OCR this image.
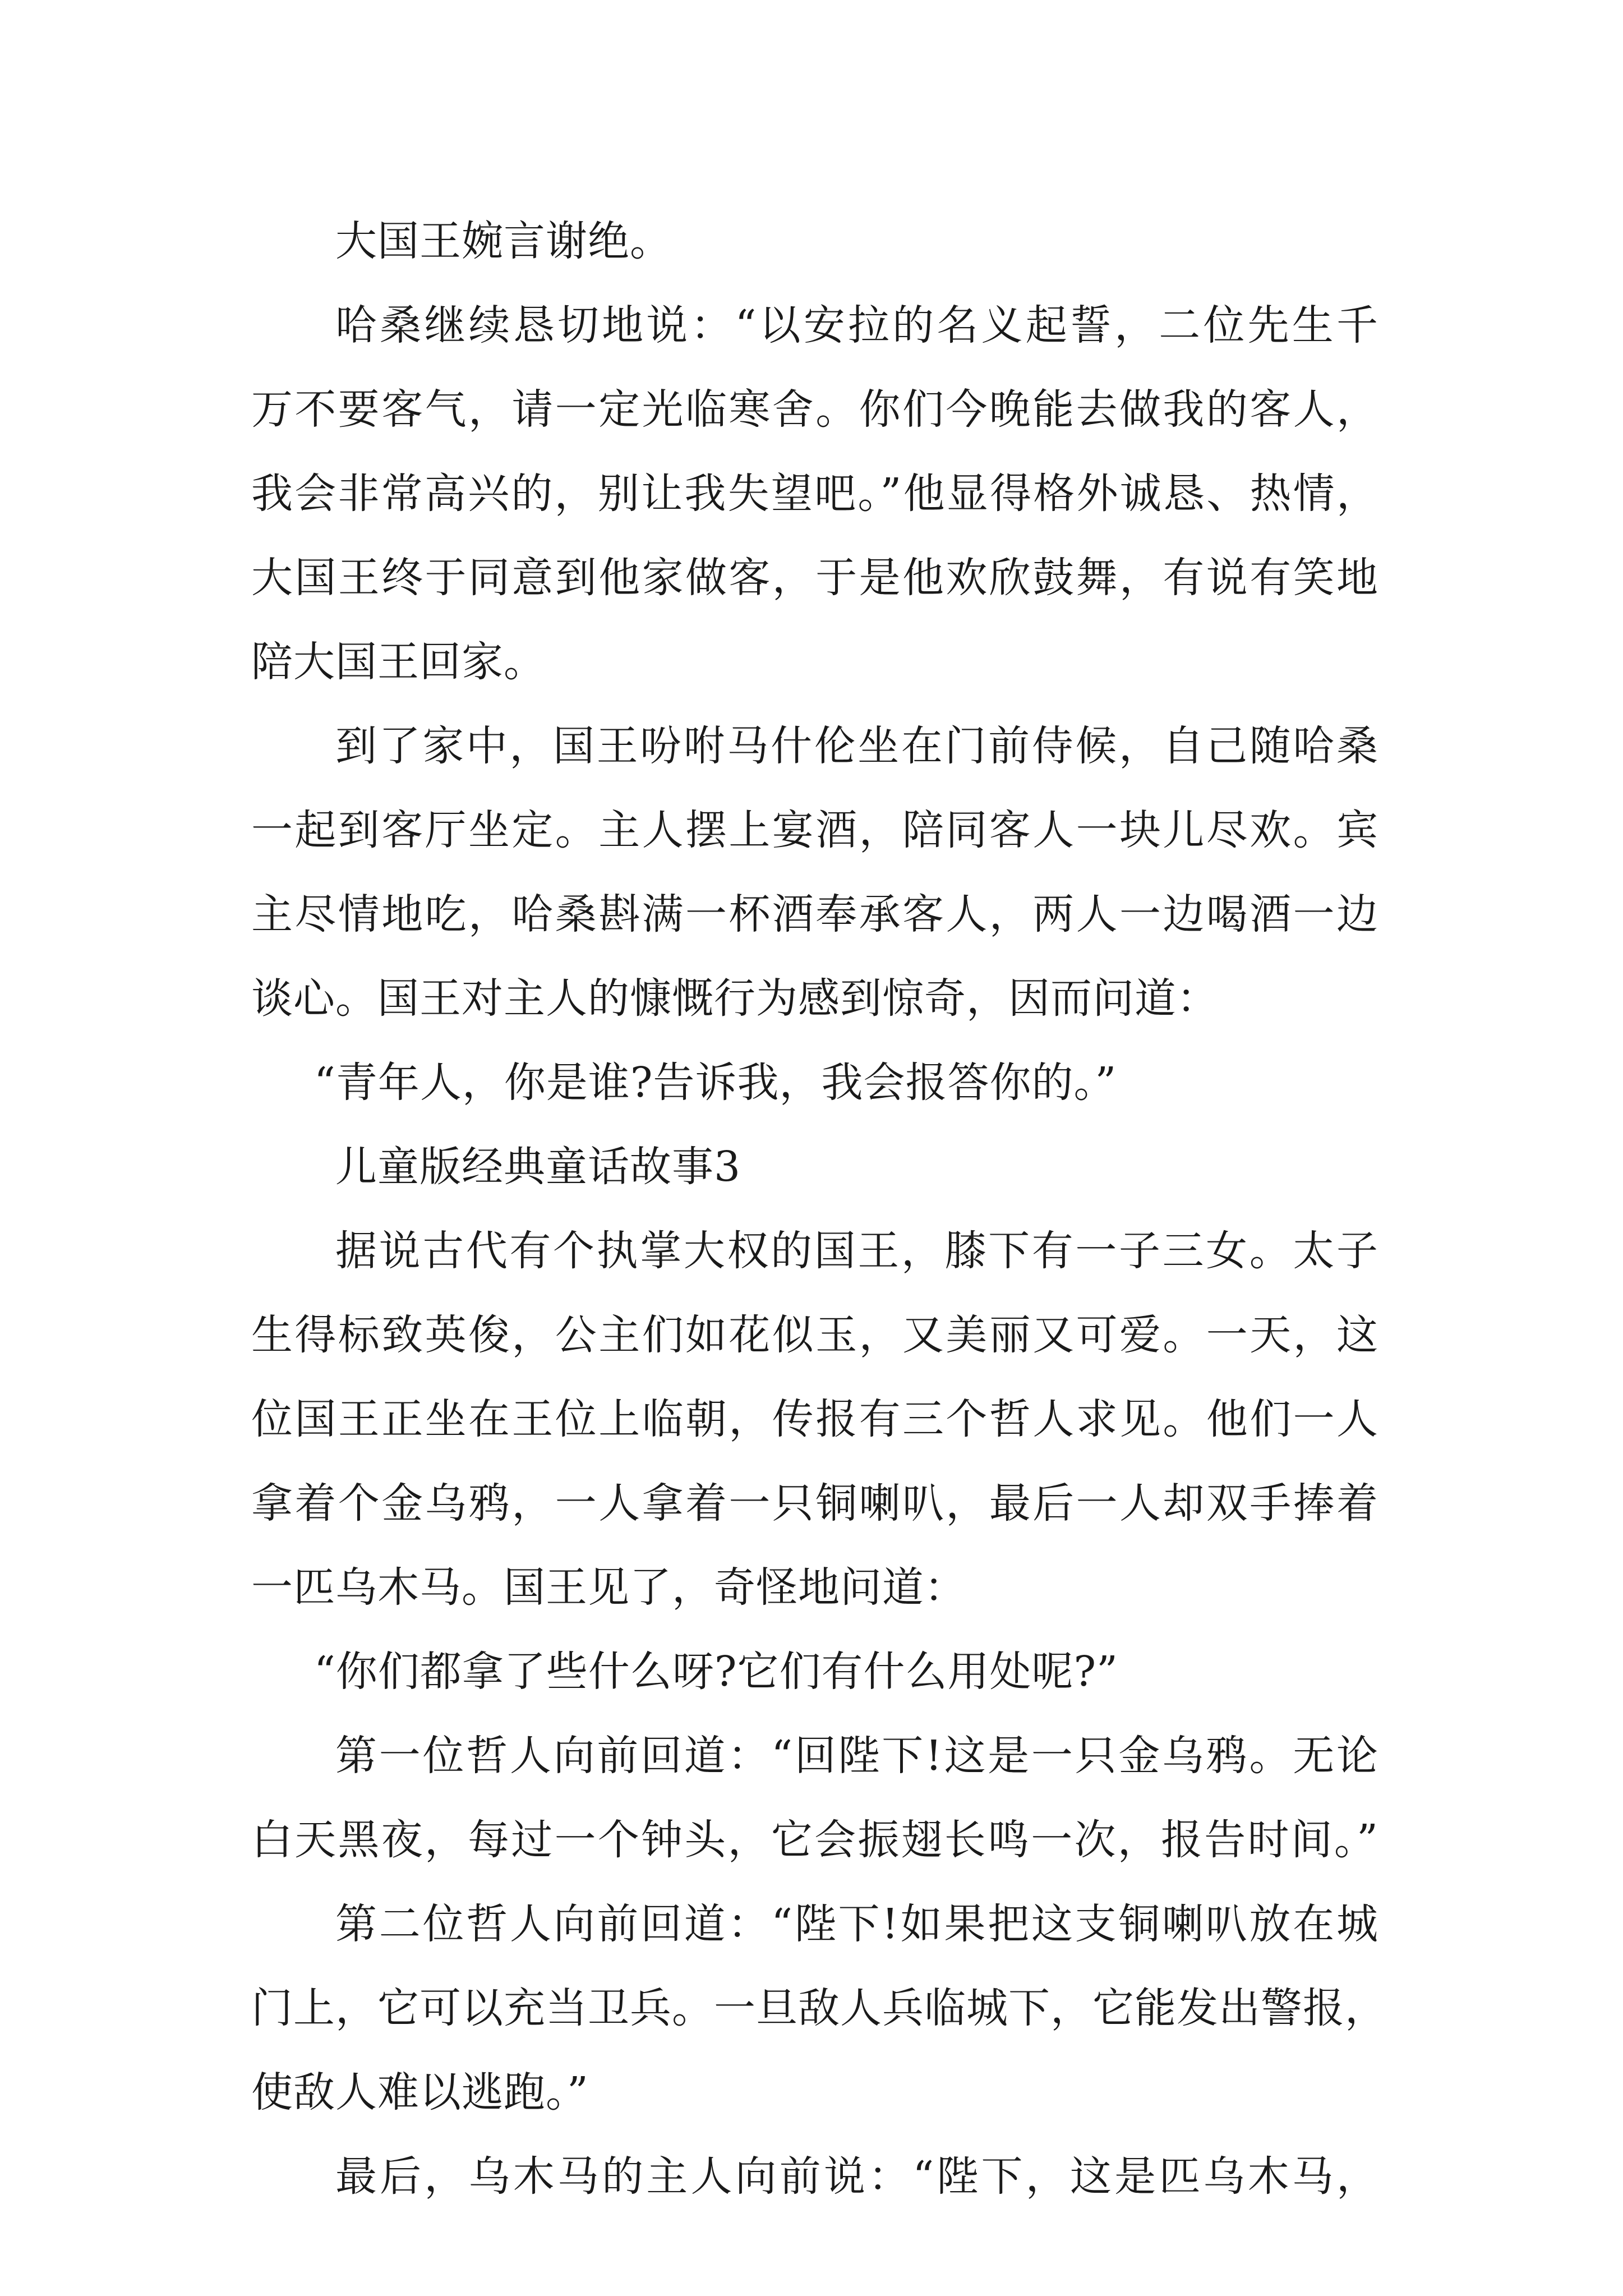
大国王婉言谢绝。
哈桑继续恳切地说：“以安拉的名义起誓，二位先生千
万不要客气，请一定光临寒舍。你们今晚能去做我的客人，
我会非常高兴的，别让我失望吧。”他显得格外诚恳、热情，
大国王终于同意到他家做客，于是他欢欣鼓舞，有说有笑地
陪大国王回家。
到了家中，国王吩咐马什伦坐在门前侍候，自己随哈桑
一起到客厅坐定。主人摆上宴酒，陪同客人一块儿尽欢。宾
主尽情地吃，哈桑斟满一杯酒奉承客人，两人一边喝酒一边
谈心。国王对主人的慷慨行为感到惊奇，因而问道：
“青年人，你是谁?告诉我，我会报答你的。”
儿童版经典童话故事3
据说古代有个执掌大权的国王，膝下有一子三女。太子
生得标致英俊，公主们如花似玉，又美丽又可爱。一天，这
位国王正坐在王位上临朝，传报有三个哲人求见。他们一人
拿着个金乌鸦，一人拿着一只铜喇叭，最后一人却双手捧着
一匹乌木马。国王见了，奇怪地问道：
“你们都拿了些什么呀?它们有什么用处呢?”
第一位哲人向前回道：“回陛下!这是一只金乌鸦。无论
白天黑夜，每过一个钟头，它会振翅长鸣一次，报告时间。”
第二位哲人向前回道：“陛下!如果把这支铜喇叭放在城
门上，它可以充当卫兵。一旦敌人兵临城下，它能发出警报，
使敌人难以逃跑。”
最后，乌木马的主人向前说：“陛下，这是匹乌木马，
